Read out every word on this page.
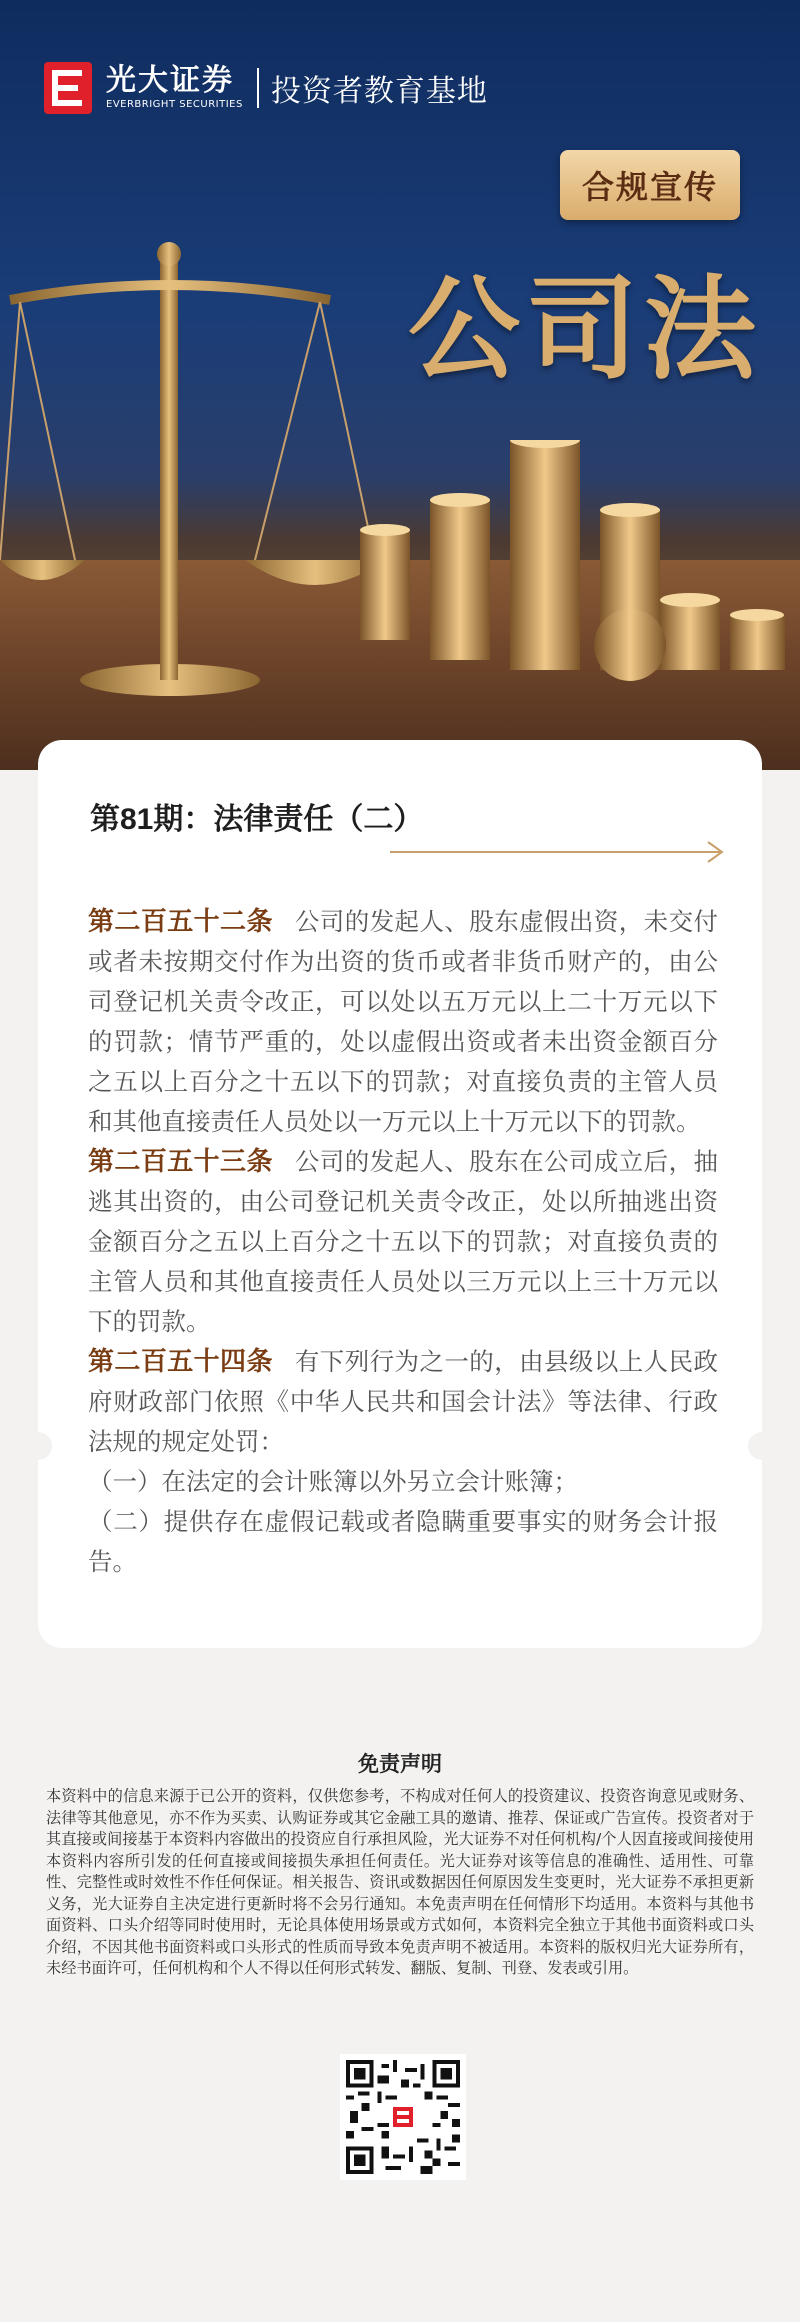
光大证券
EVERBRIGHT SECURITIES 投资者教育基地
合规宣传
公司法
第81期：法律责任（二）

第二百五十二条 公司的发起人、股东虚假出资，未交付或者未按期交付作为出资的货币或者非货币财产的，由公司登记机关责令改正，可以处以五万元以上二十万元以下的罚款；情节严重的，处以虚假出资或者未出资金额百分之五以上百分之十五以下的罚款；对直接负责的主管人员和其他直接责任人员处以一万元以上十万元以下的罚款。

第二百五十三条 公司的发起人、股东在公司成立后，抽逃其出资的，由公司登记机关责令改正，处以所抽逃出资金额百分之五以上百分之十五以下的罚款；对直接负责的主管人员和其他直接责任人员处以三万元以上三十万元以下的罚款。

第二百五十四条 有下列行为之一的，由县级以上人民政府财政部门依照《中华人民共和国会计法》等法律、行政法规的规定处罚：

（一）在法定的会计账簿以外另立会计账簿；

（二）提供存在虚假记载或者隐瞒重要事实的财务会计报告。

免责声明
本资料中的信息来源于已公开的资料，仅供您参考，不构成对任何人的投资建议、投资咨询意见或财务、法律等其他意见，亦不作为买卖、认购证券或其它金融工具的邀请、推荐、保证或广告宣传。投资者对于其直接或间接基于本资料内容做出的投资应自行承担风险，光大证券不对任何机构/个人因直接或间接使用本资料内容所引发的任何直接或间接损失承担任何责任。光大证券对该等信息的准确性、适用性、可靠性、完整性或时效性不作任何保证。相关报告、资讯或数据因任何原因发生变更时，光大证券不承担更新义务，光大证券自主决定进行更新时将不会另行通知。本免责声明在任何情形下均适用。本资料与其他书面资料、口头介绍等同时使用时，无论具体使用场景或方式如何，本资料完全独立于其他书面资料或口头介绍，不因其他书面资料或口头形式的性质而导致本免责声明不被适用。本资料的版权归光大证券所有，未经书面许可，任何机构和个人不得以任何形式转发、翻版、复制、刊登、发表或引用。
